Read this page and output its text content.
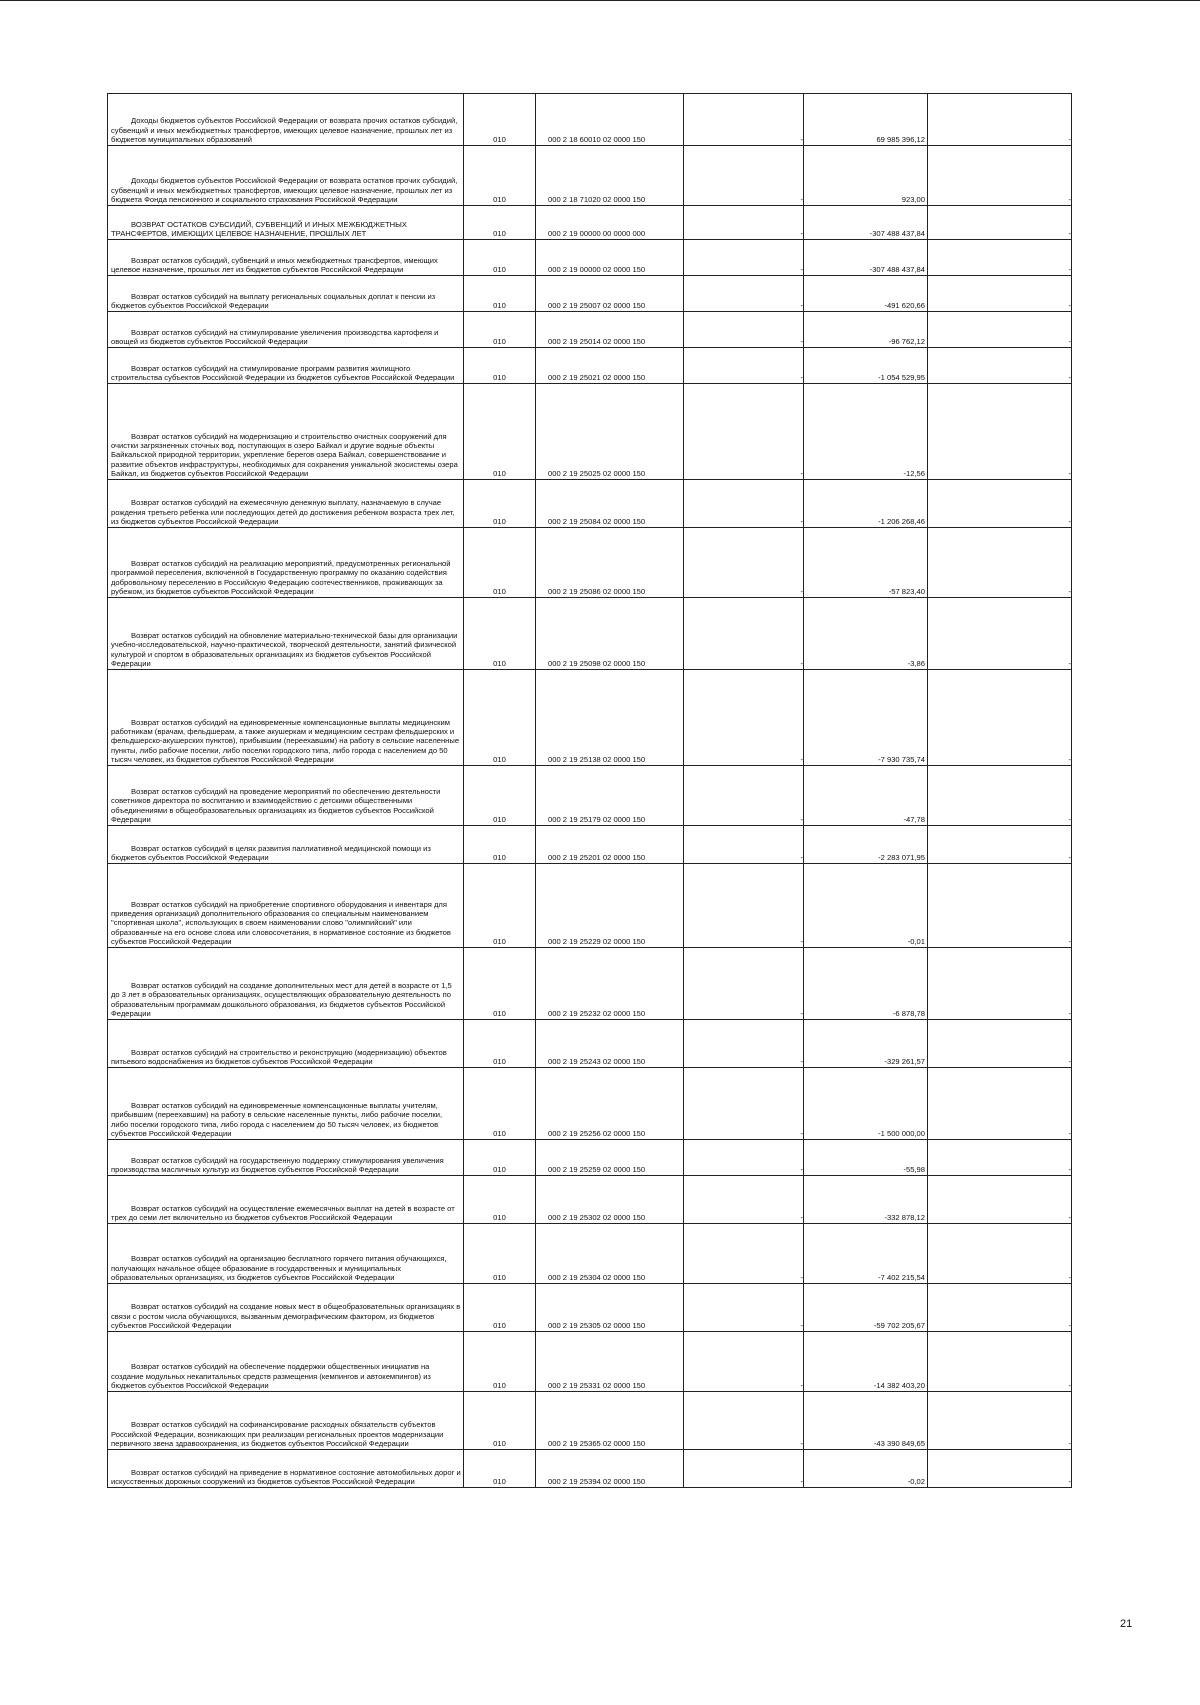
Доходы бюджетов субъектов Российской Федерации от возврата прочих остатков субсидий, субвенций и иных межбюджетных трансфертов, имеющих целевое назначение, прошлых лет из бюджетов муниципальных образований	010	000 2 18 60010 02 0000 150	-	69 985 396,12	-

Доходы бюджетов субъектов Российской Федерации от возврата остатков прочих субсидий, субвенций и иных межбюджетных трансфертов, имеющих целевое назначение, прошлых лет из бюджета Фонда пенсионного и социального страхования Российской Федерации	010	000 2 18 71020 02 0000 150	-	923,00	-

ВОЗВРАТ ОСТАТКОВ СУБСИДИЙ, СУБВЕНЦИЙ И ИНЫХ МЕЖБЮДЖЕТНЫХ ТРАНСФЕРТОВ, ИМЕЮЩИХ ЦЕЛЕВОЕ НАЗНАЧЕНИЕ, ПРОШЛЫХ ЛЕТ	010	000 2 19 00000 00 0000 000	-	-307 488 437,84	-

Возврат остатков субсидий, субвенций и иных межбюджетных трансфертов, имеющих целевое назначение, прошлых лет из бюджетов субъектов Российской Федерации	010	000 2 19 00000 02 0000 150	-	-307 488 437,84	-

Возврат остатков субсидий на выплату региональных социальных доплат к пенсии из бюджетов субъектов Российской Федерации	010	000 2 19 25007 02 0000 150	-	-491 620,66	-

Возврат остатков субсидий на стимулирование увеличения производства картофеля и овощей из бюджетов субъектов Российской Федерации	010	000 2 19 25014 02 0000 150	-	-96 762,12	-

Возврат остатков субсидий на стимулирование программ развития жилищного строительства субъектов Российской Федерации из бюджетов субъектов Российской Федерации	010	000 2 19 25021 02 0000 150	-	-1 054 529,95	-

Возврат остатков субсидий на модернизацию и строительство очистных сооружений для очистки загрязненных сточных вод, поступающих в озеро Байкал и другие водные объекты Байкальской природной территории, укрепление берегов озера Байкал, совершенствование и развитие объектов инфраструктуры, необходимых для сохранения уникальной экосистемы озера Байкал, из бюджетов субъектов Российской Федерации	010	000 2 19 25025 02 0000 150	-	-12,56	-

Возврат остатков субсидий на ежемесячную денежную выплату, назначаемую в случае рождения третьего ребенка или последующих детей до достижения ребенком возраста трех лет, из бюджетов субъектов Российской Федерации	010	000 2 19 25084 02 0000 150	-	-1 206 268,46	-

Возврат остатков субсидий на реализацию мероприятий, предусмотренных региональной программой переселения, включенной в Государственную программу по оказанию содействия добровольному переселению в Российскую Федерацию соотечественников, проживающих за рубежом, из бюджетов субъектов Российской Федерации	010	000 2 19 25086 02 0000 150	-	-57 823,40	-

Возврат остатков субсидий на обновление материально-технической базы для организации учебно-исследовательской, научно-практической, творческой деятельности, занятий физической культурой и спортом в образовательных организациях из бюджетов субъектов Российской Федерации	010	000 2 19 25098 02 0000 150	-	-3,86	-

Возврат остатков субсидий на единовременные компенсационные выплаты медицинским работникам (врачам, фельдшерам, а также акушеркам и медицинским сестрам фельдшерских и фельдшерско-акушерских пунктов), прибывшим (переехавшим) на работу в сельские населенные пункты, либо рабочие поселки, либо поселки городского типа, либо города с населением до 50 тысяч человек, из бюджетов субъектов Российской Федерации	010	000 2 19 25138 02 0000 150	-	-7 930 735,74	-

Возврат остатков субсидий на проведение мероприятий по обеспечению деятельности советников директора по воспитанию и взаимодействию с детскими общественными объединениями в общеобразовательных организациях из бюджетов субъектов Российской Федерации	010	000 2 19 25179 02 0000 150	-	-47,78	-

Возврат остатков субсидий в целях развития паллиативной медицинской помощи из бюджетов субъектов Российской Федерации	010	000 2 19 25201 02 0000 150	-	-2 283 071,95	-

Возврат остатков субсидий на приобретение спортивного оборудования и инвентаря для приведения организаций дополнительного образования со специальным наименованием "спортивная школа", использующих в своем наименовании слово "олимпийский" или образованные на его основе слова или словосочетания, в нормативное состояние из бюджетов субъектов Российской Федерации	010	000 2 19 25229 02 0000 150	-	-0,01	-

Возврат остатков субсидий на создание дополнительных мест для детей в возрасте от 1,5 до 3 лет в образовательных организациях, осуществляющих образовательную деятельность по образовательным программам дошкольного образования, из бюджетов субъектов Российской Федерации	010	000 2 19 25232 02 0000 150	-	-6 878,78	-

Возврат остатков субсидий на строительство и реконструкцию (модернизацию) объектов питьевого водоснабжения из бюджетов субъектов Российской Федерации	010	000 2 19 25243 02 0000 150	-	-329 261,57	-

Возврат остатков субсидий на единовременные компенсационные выплаты учителям, прибывшим (переехавшим) на работу в сельские населенные пункты, либо рабочие поселки, либо поселки городского типа, либо города с населением до 50 тысяч человек, из бюджетов субъектов Российской Федерации	010	000 2 19 25256 02 0000 150	-	-1 500 000,00	-

Возврат остатков субсидий на государственную поддержку стимулирования увеличения производства масличных культур из бюджетов субъектов Российской Федерации	010	000 2 19 25259 02 0000 150	-	-55,98	-

Возврат остатков субсидий на осуществление ежемесячных выплат на детей в возрасте от трех до семи лет включительно из бюджетов субъектов Российской Федерации	010	000 2 19 25302 02 0000 150	-	-332 878,12	-

Возврат остатков субсидий на организацию бесплатного горячего питания обучающихся, получающих начальное общее образование в государственных и муниципальных образовательных организациях, из бюджетов субъектов Российской Федерации	010	000 2 19 25304 02 0000 150	-	-7 402 215,54	-

Возврат остатков субсидий на создание новых мест в общеобразовательных организациях в связи с ростом числа обучающихся, вызванным демографическим фактором, из бюджетов субъектов Российской Федерации	010	000 2 19 25305 02 0000 150	-	-59 702 205,67	-

Возврат остатков субсидий на обеспечение поддержки общественных инициатив на создание модульных некапитальных средств размещения (кемпингов и автокемпингов) из бюджетов субъектов Российской Федерации	010	000 2 19 25331 02 0000 150	-	-14 382 403,20	-

Возврат остатков субсидий на софинансирование расходных обязательств субъектов Российской Федерации, возникающих при реализации региональных проектов модернизации первичного звена здравоохранения, из бюджетов субъектов Российской Федерации	010	000 2 19 25365 02 0000 150	-	-43 390 849,65	-

Возврат остатков субсидий на приведение в нормативное состояние автомобильных дорог и искусственных дорожных сооружений из бюджетов субъектов Российской Федерации	010	000 2 19 25394 02 0000 150	-	-0,02	-
21
